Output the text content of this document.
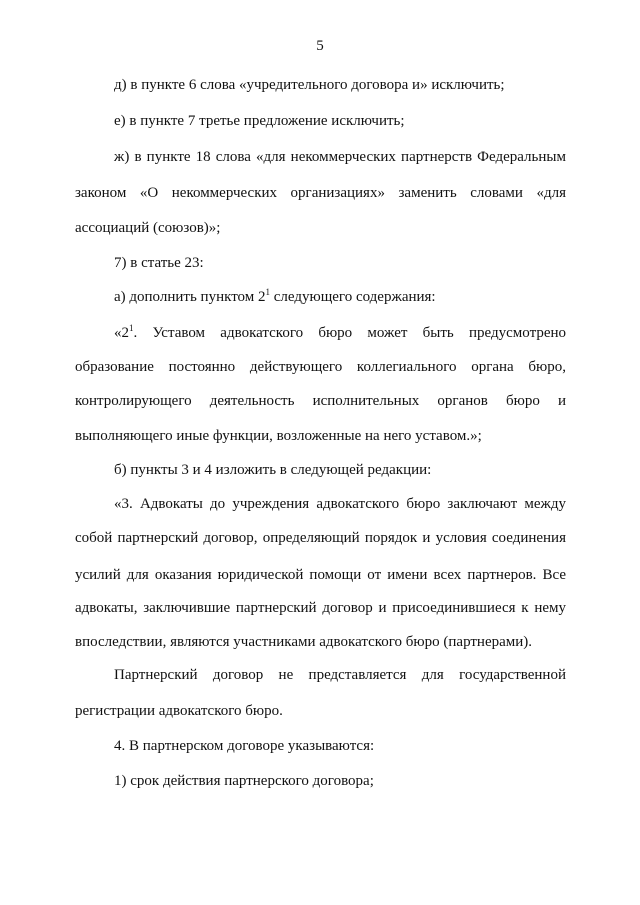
5
д) в пункте 6 слова «учредительного договора и» исключить;
е) в пункте 7 третье предложение исключить;
ж) в пункте 18 слова «для некоммерческих партнерств Федеральным
законом «О некоммерческих организациях» заменить словами «для
ассоциаций (союзов)»;
7) в статье 23:
а) дополнить пунктом $2^1$ следующего содержания:
«$2^1$. Уставом адвокатского бюро может быть предусмотрено
образование постоянно действующего коллегиального органа бюро,
контролирующего деятельность исполнительных органов бюро и
выполняющего иные функции, возложенные на него уставом.»;
б) пункты 3 и 4 изложить в следующей редакции:
«3. Адвокаты до учреждения адвокатского бюро заключают между
собой партнерский договор, определяющий порядок и условия соединения
усилий для оказания юридической помощи от имени всех партнеров. Все
адвокаты, заключившие партнерский договор и присоединившиеся к нему
впоследствии, являются участниками адвокатского бюро (партнерами).
Партнерский договор не представляется для государственной
регистрации адвокатского бюро.
4. В партнерском договоре указываются:
1) срок действия партнерского договора;
